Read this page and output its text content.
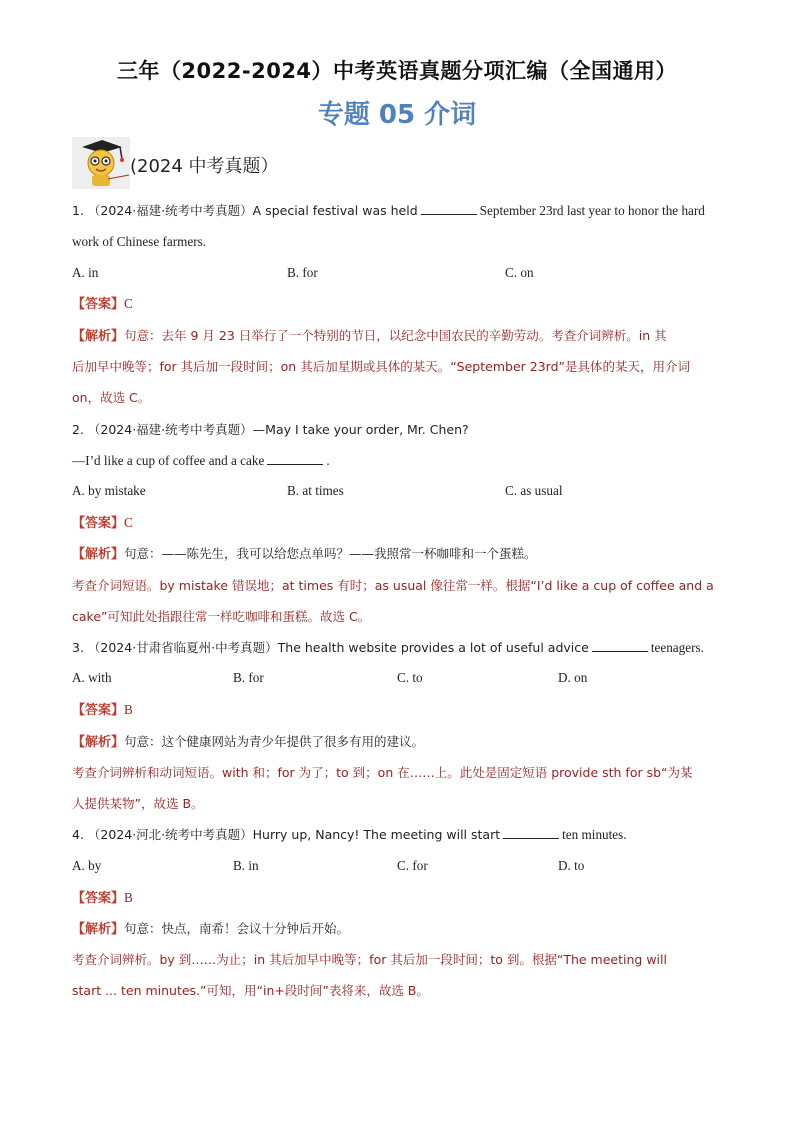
三年（2022-2024）中考英语真题分项汇编（全国通用）
专题 05 介词
(2024 中考真题）
1. （2024·福建·统考中考真题）A special festival was held	September 23rd last year to honor the hard
work of Chinese farmers.
A. in	B. for	C. on
【答案】C
【解析】句意：去年 9 月 23 日举行了一个特别的节日，以纪念中国农民的辛勤劳动。考查介词辨析。in 其
后加早中晚等；for 其后加一段时间；on 其后加星期或具体的某天。“September 23rd”是具体的某天，用介词
on，故选 C。
2. （2024·福建·统考中考真题）—May I take your order, Mr. Chen?
—I’d like a cup of coffee and a cake	.
A. by mistake	B. at times	C. as usual
【答案】C
【解析】句意：——陈先生，我可以给您点单吗？——我照常一杯咖啡和一个蛋糕。
考查介词短语。by mistake 错误地；at times 有时；as usual 像往常一样。根据“I’d like a cup of coffee and a
cake”可知此处指跟往常一样吃咖啡和蛋糕。故选 C。
3. （2024·甘肃省临夏州·中考真题）The health website provides a lot of useful advice	teenagers.
A. with	B. for	C. to	D. on
【答案】B
【解析】句意：这个健康网站为青少年提供了很多有用的建议。
考查介词辨析和动词短语。with 和；for 为了；to 到；on 在……上。此处是固定短语 provide sth for sb“为某
人提供某物”，故选 B。
4. （2024·河北·统考中考真题）Hurry up, Nancy! The meeting will start	ten minutes.
A. by	B. in	C. for	D. to
【答案】B
【解析】句意：快点，南希！会议十分钟后开始。
考查介词辨析。by 到……为止；in 其后加早中晚等；for 其后加一段时间；to 到。根据“The meeting will
start ... ten minutes.”可知，用“in+段时间”表将来，故选 B。
